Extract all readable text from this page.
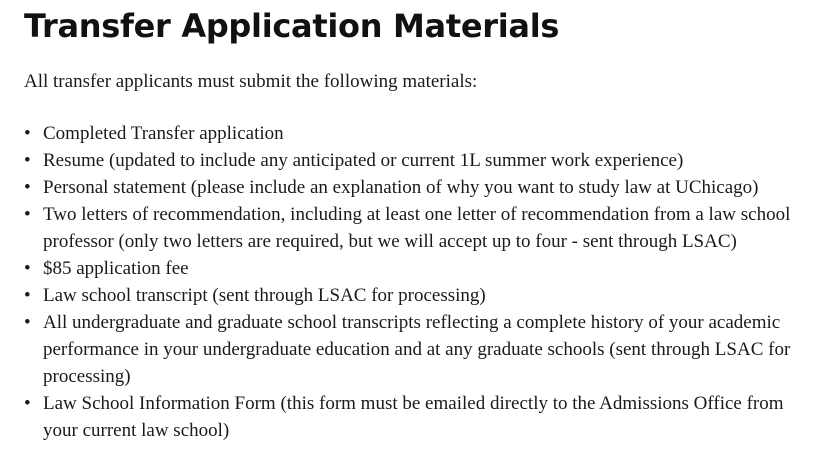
Transfer Application Materials

All transfer applicants must submit the following materials:

• Completed Transfer application
• Resume (updated to include any anticipated or current 1L summer work experience)
• Personal statement (please include an explanation of why you want to study law at UChicago)
• Two letters of recommendation, including at least one letter of recommendation from a law school professor (only two letters are required, but we will accept up to four - sent through LSAC)
• $85 application fee
• Law school transcript (sent through LSAC for processing)
• All undergraduate and graduate school transcripts reflecting a complete history of your academic performance in your undergraduate education and at any graduate schools (sent through LSAC for processing)
• Law School Information Form (this form must be emailed directly to the Admissions Office from your current law school)
